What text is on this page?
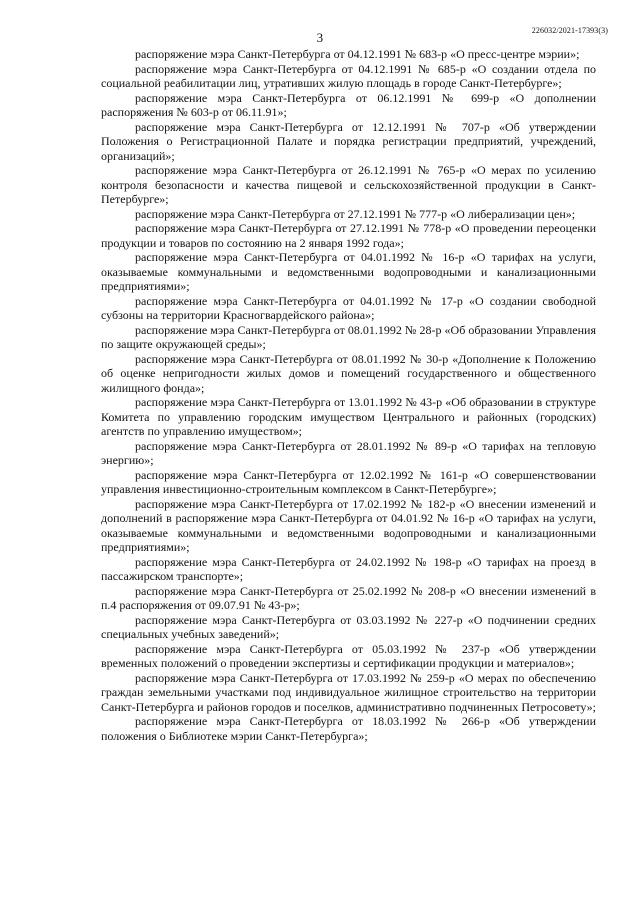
226032/2021-17393(3)
3

распоряжение мэра Санкт-Петербурга от 04.12.1991 № 683-р «О пресс-центре мэрии»;

распоряжение мэра Санкт-Петербурга от 04.12.1991 № 685-р «О создании отдела по социальной реабилитации лиц, утративших жилую площадь в городе Санкт-Петербурге»;

распоряжение мэра Санкт-Петербурга от 06.12.1991 № 699-р «О дополнении распоряжения № 603-р от 06.11.91»;

распоряжение мэра Санкт-Петербурга от 12.12.1991 № 707-р «Об утверждении Положения о Регистрационной Палате и порядка регистрации предприятий, учреждений, организаций»;

распоряжение мэра Санкт-Петербурга от 26.12.1991 № 765-р «О мерах по усилению контроля безопасности и качества пищевой и сельскохозяйственной продукции в Санкт-Петербурге»;

распоряжение мэра Санкт-Петербурга от 27.12.1991 № 777-р «О либерализации цен»;

распоряжение мэра Санкт-Петербурга от 27.12.1991 № 778-р «О проведении переоценки продукции и товаров по состоянию на 2 января 1992 года»;

распоряжение мэра Санкт-Петербурга от 04.01.1992 № 16-р «О тарифах на услуги, оказываемые коммунальными и ведомственными водопроводными и канализационными предприятиями»;

распоряжение мэра Санкт-Петербурга от 04.01.1992 № 17-р «О создании свободной субзоны на территории Красногвардейского района»;

распоряжение мэра Санкт-Петербурга от 08.01.1992 № 28-р «Об образовании Управления по защите окружающей среды»;

распоряжение мэра Санкт-Петербурга от 08.01.1992 № 30-р «Дополнение к Положению об оценке непригодности жилых домов и помещений государственного и общественного жилищного фонда»;

распоряжение мэра Санкт-Петербурга от 13.01.1992 № 43-р «Об образовании в структуре Комитета по управлению городским имуществом Центрального и районных (городских) агентств по управлению имуществом»;

распоряжение мэра Санкт-Петербурга от 28.01.1992 № 89-р «О тарифах на тепловую энергию»;

распоряжение мэра Санкт-Петербурга от 12.02.1992 № 161-р «О совершенствовании управления инвестиционно-строительным комплексом в Санкт-Петербурге»;

распоряжение мэра Санкт-Петербурга от 17.02.1992 № 182-р «О внесении изменений и дополнений в распоряжение мэра Санкт-Петербурга от 04.01.92 № 16-р «О тарифах на услуги, оказываемые коммунальными и ведомственными водопроводными и канализационными предприятиями»;

распоряжение мэра Санкт-Петербурга от 24.02.1992 № 198-р «О тарифах на проезд в пассажирском транспорте»;

распоряжение мэра Санкт-Петербурга от 25.02.1992 № 208-р «О внесении изменений в п.4 распоряжения от 09.07.91 № 43-р»;

распоряжение мэра Санкт-Петербурга от 03.03.1992 № 227-р «О подчинении средних специальных учебных заведений»;

распоряжение мэра Санкт-Петербурга от 05.03.1992 № 237-р «Об утверждении временных положений о проведении экспертизы и сертификации продукции и материалов»;

распоряжение мэра Санкт-Петербурга от 17.03.1992 № 259-р «О мерах по обеспечению граждан земельными участками под индивидуальное жилищное строительство на территории Санкт-Петербурга и районов городов и поселков, административно подчиненных Петросовету»;

распоряжение мэра Санкт-Петербурга от 18.03.1992 № 266-р «Об утверждении положения о Библиотеке мэрии Санкт-Петербурга»;
